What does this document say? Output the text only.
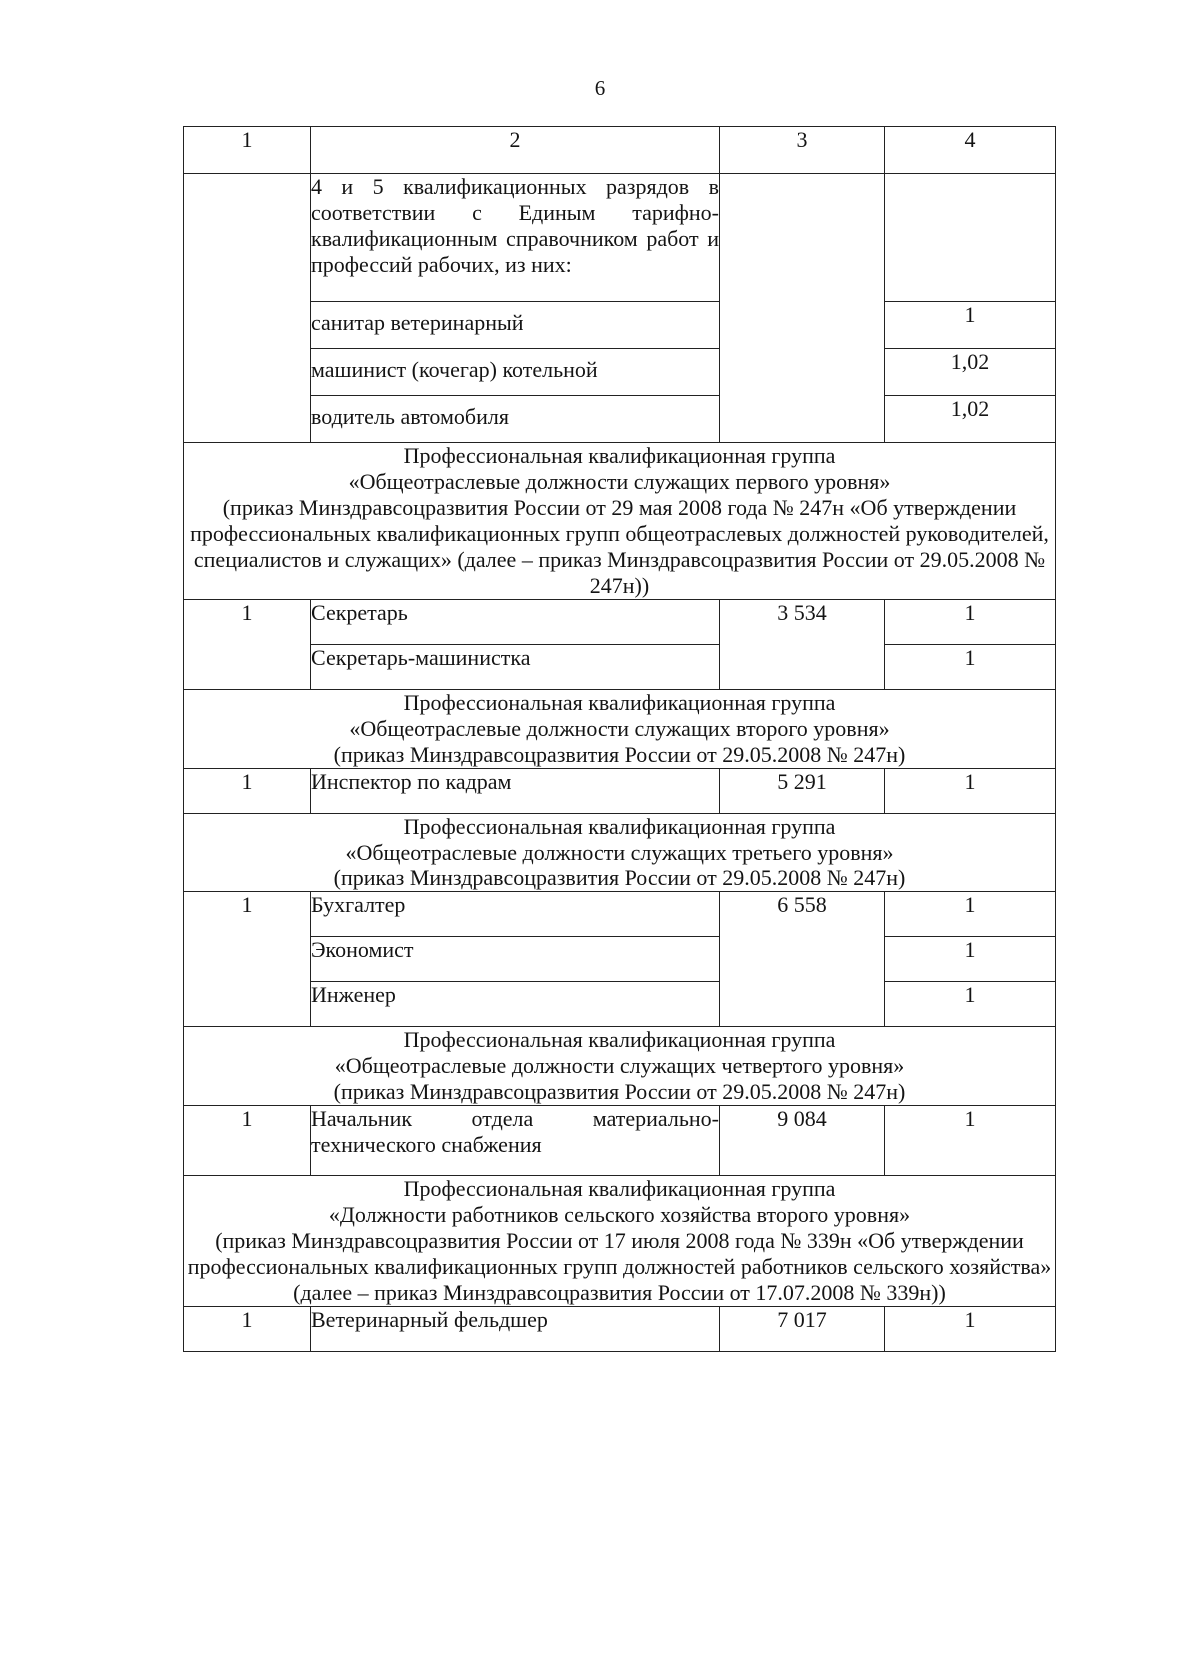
6
1	2	3	4
	4 и 5 квалификационных разрядов в соответствии с Единым тарифно-квалификационным справочником работ и профессий рабочих, из них:		
	санитар ветеринарный		1
	машинист (кочегар) котельной		1,02
	водитель автомобиля		1,02

Профессиональная квалификационная группа
«Общеотраслевые должности служащих первого уровня»
(приказ Минздравсоцразвития России от 29 мая 2008 года № 247н «Об утверждении профессиональных квалификационных групп общеотраслевых должностей руководителей, специалистов и служащих» (далее – приказ Минздравсоцразвития России от 29.05.2008 № 247н))			

1	Секретарь	3 534	1
	Секретарь-машинистка		1

Профессиональная квалификационная группа
«Общеотраслевые должности служащих второго уровня»
(приказ Минздравсоцразвития России от 29.05.2008 № 247н)			

1	Инспектор по кадрам	5 291	1

Профессиональная квалификационная группа
«Общеотраслевые должности служащих третьего уровня»
(приказ Минздравсоцразвития России от 29.05.2008 № 247н)			

1	Бухгалтер	6 558	1
	Экономист		1
	Инженер		1

Профессиональная квалификационная группа
«Общеотраслевые должности служащих четвертого уровня»
(приказ Минздравсоцразвития России от 29.05.2008 № 247н)			

1	Начальник отдела материально-технического снабжения	9 084	1

Профессиональная квалификационная группа
«Должности работников сельского хозяйства второго уровня»
(приказ Минздравсоцразвития России от 17 июля 2008 года № 339н «Об утверждении профессиональных квалификационных групп должностей работников сельского хозяйства» (далее – приказ Минздравсоцразвития России от 17.07.2008 № 339н))			

1	Ветеринарный фельдшер	7 017	1
